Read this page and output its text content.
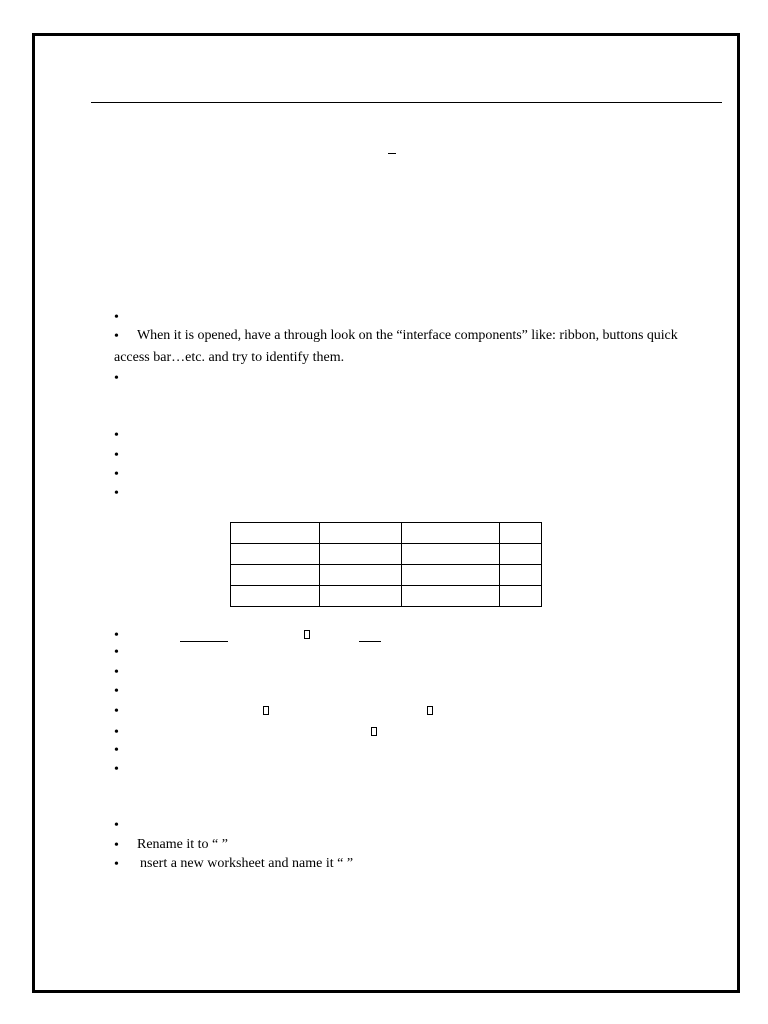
•
• When it is opened, have a through look on the “interface components” like: ribbon, buttons quick
access bar…etc. and try to identify them.
•
•
•
•
•

•
•
•
•
•
•
•
•
•
• Rename it to “ ”
• nsert a new worksheet and name it “ ”
